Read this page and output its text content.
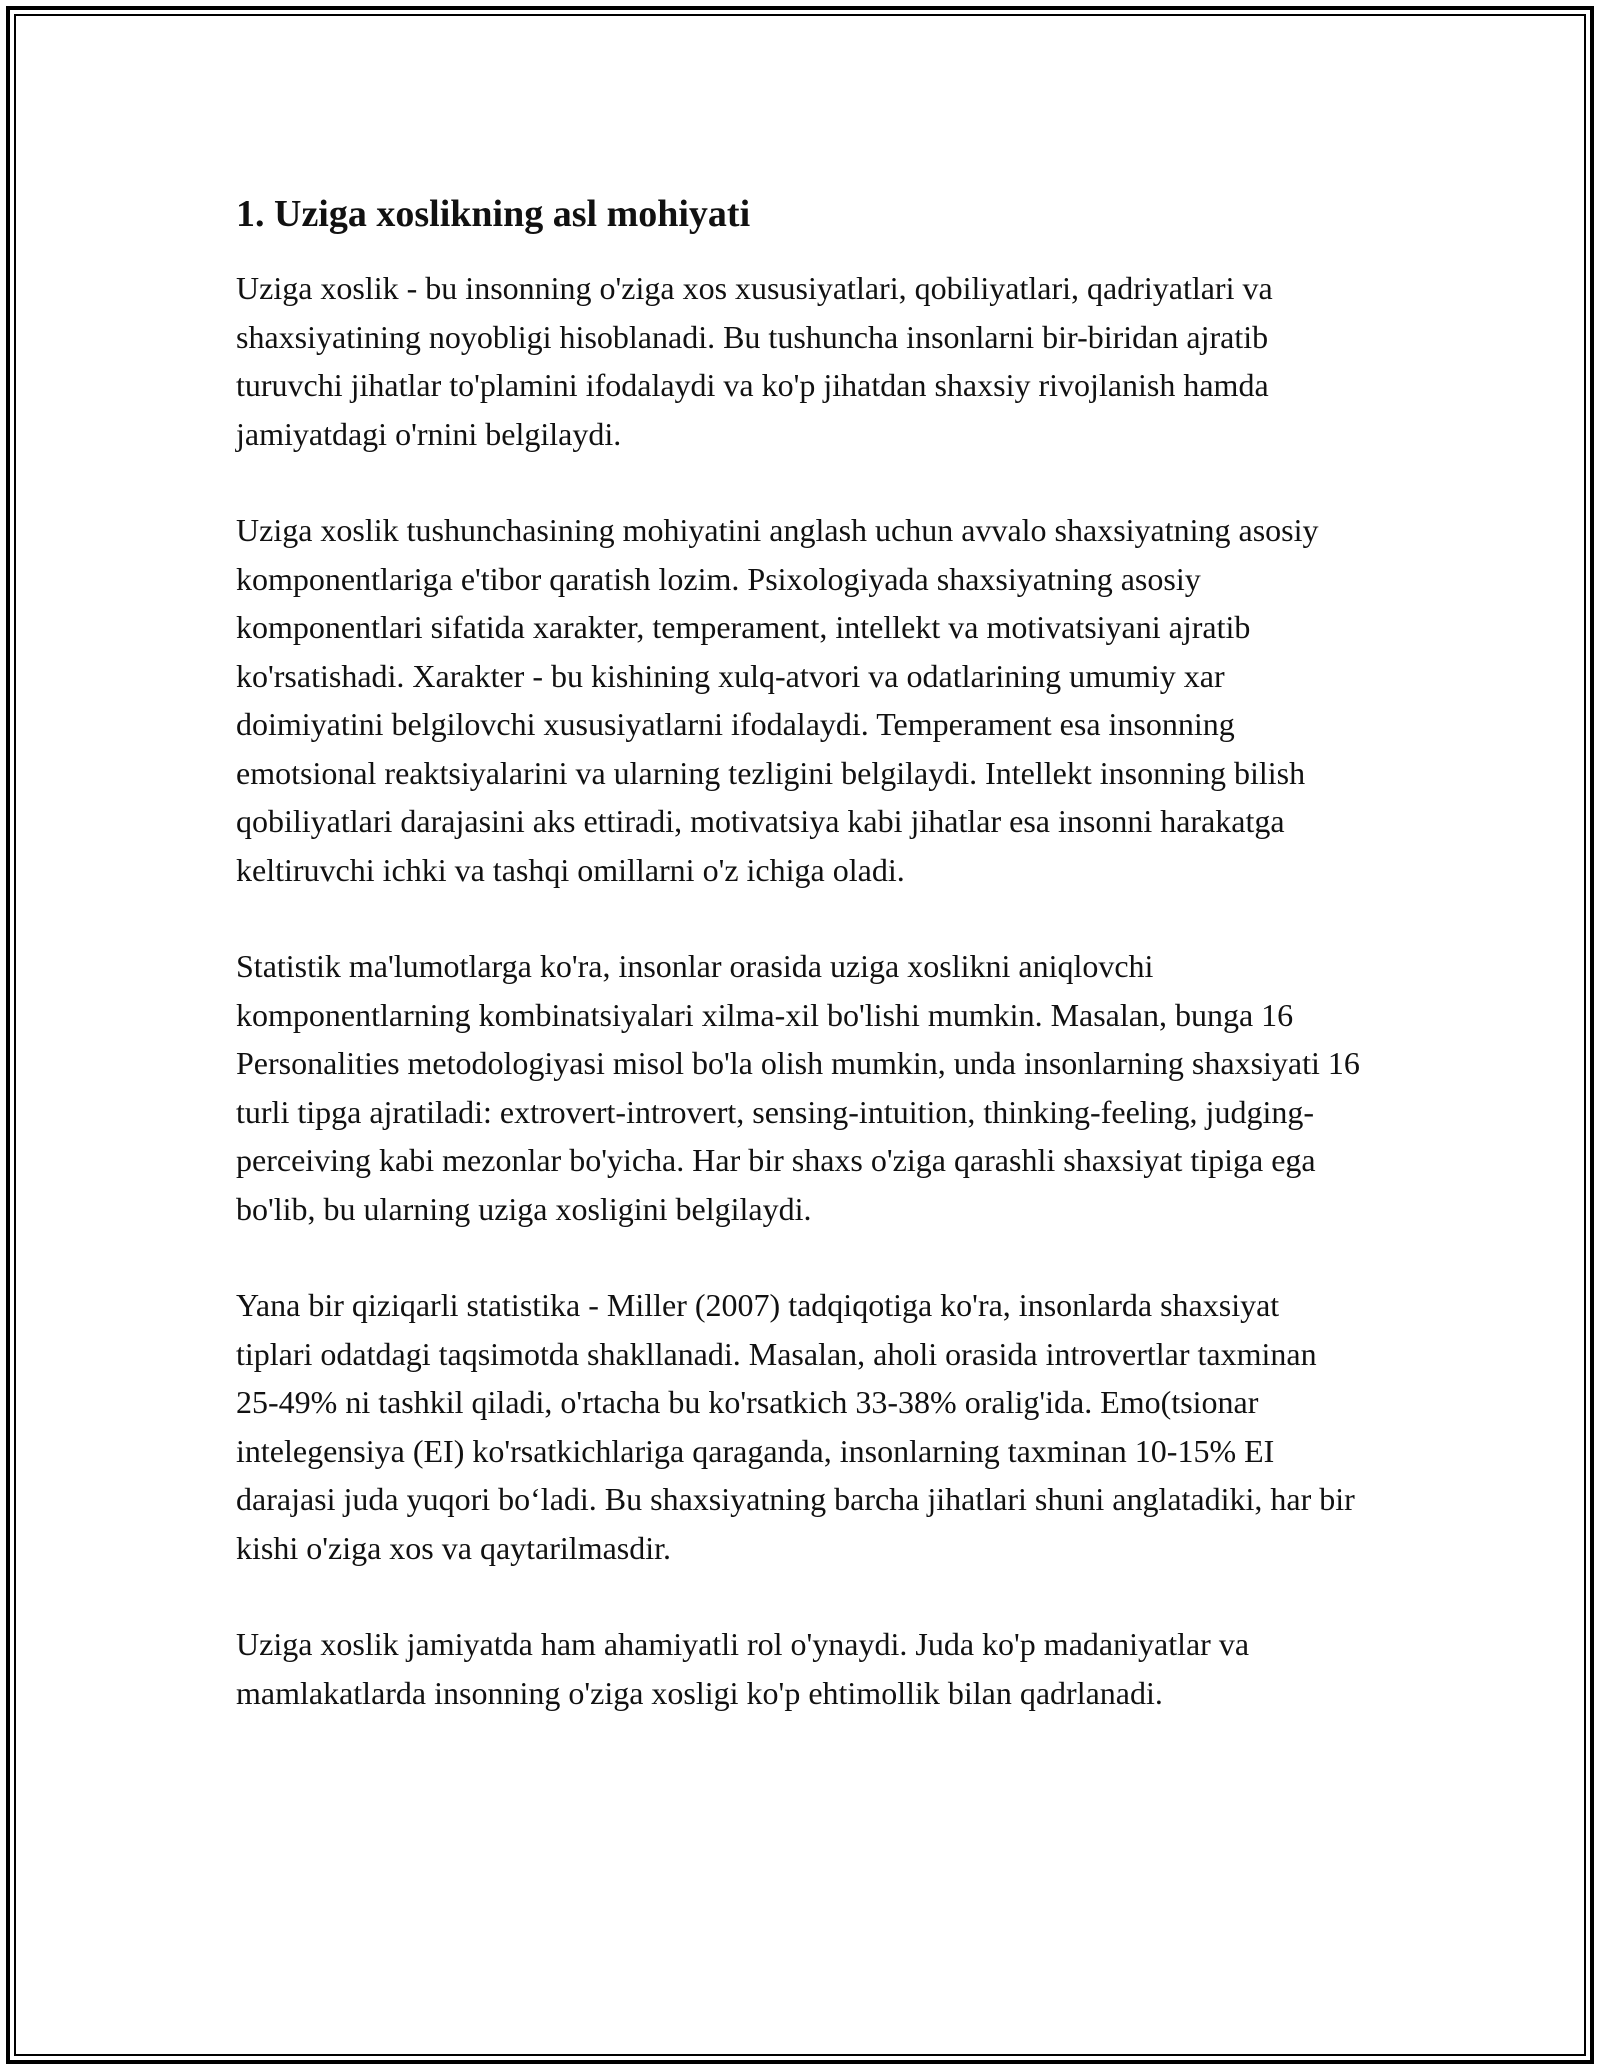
1. Uziga xoslikning asl mohiyati

Uziga xoslik - bu insonning o'ziga xos xususiyatlari, qobiliyatlari, qadriyatlari va shaxsiyatining noyobligi hisoblanadi. Bu tushuncha insonlarni bir-biridan ajratib turuvchi jihatlar to'plamini ifodalaydi va ko'p jihatdan shaxsiy rivojlanish hamda jamiyatdagi o'rnini belgilaydi.

Uziga xoslik tushunchasining mohiyatini anglash uchun avvalo shaxsiyatning asosiy komponentlariga e'tibor qaratish lozim. Psixologiyada shaxsiyatning asosiy komponentlari sifatida xarakter, temperament, intellekt va motivatsiyani ajratib ko'rsatishadi. Xarakter - bu kishining xulq-atvori va odatlarining umumiy xar doimiyatini belgilovchi xususiyatlarni ifodalaydi. Temperament esa insonning emotsional reaktsiyalarini va ularning tezligini belgilaydi. Intellekt insonning bilish qobiliyatlari darajasini aks ettiradi, motivatsiya kabi jihatlar esa insonni harakatga keltiruvchi ichki va tashqi omillarni o'z ichiga oladi.

Statistik ma'lumotlarga ko'ra, insonlar orasida uziga xoslikni aniqlovchi komponentlarning kombinatsiyalari xilma-xil bo'lishi mumkin. Masalan, bunga 16 Personalities metodologiyasi misol bo'la olish mumkin, unda insonlarning shaxsiyati 16 turli tipga ajratiladi: extrovert-introvert, sensing-intuition, thinking-feeling, judging-perceiving kabi mezonlar bo'yicha. Har bir shaxs o'ziga qarashli shaxsiyat tipiga ega bo'lib, bu ularning uziga xosligini belgilaydi.

Yana bir qiziqarli statistika - Miller (2007) tadqiqotiga ko'ra, insonlarda shaxsiyat tiplari odatdagi taqsimotda shakllanadi. Masalan, aholi orasida introvertlar taxminan 25-49% ni tashkil qiladi, o'rtacha bu ko'rsatkich 33-38% oralig'ida. Emo(tsionar intelegensiya (EI) ko'rsatkichlariga qaraganda, insonlarning taxminan 10-15% EI darajasi juda yuqori bo‘ladi. Bu shaxsiyatning barcha jihatlari shuni anglatadiki, har bir kishi o'ziga xos va qaytarilmasdir.

Uziga xoslik jamiyatda ham ahamiyatli rol o'ynaydi. Juda ko'p madaniyatlar va mamlakatlarda insonning o'ziga xosligi ko'p ehtimollik bilan qadrlanadi.
